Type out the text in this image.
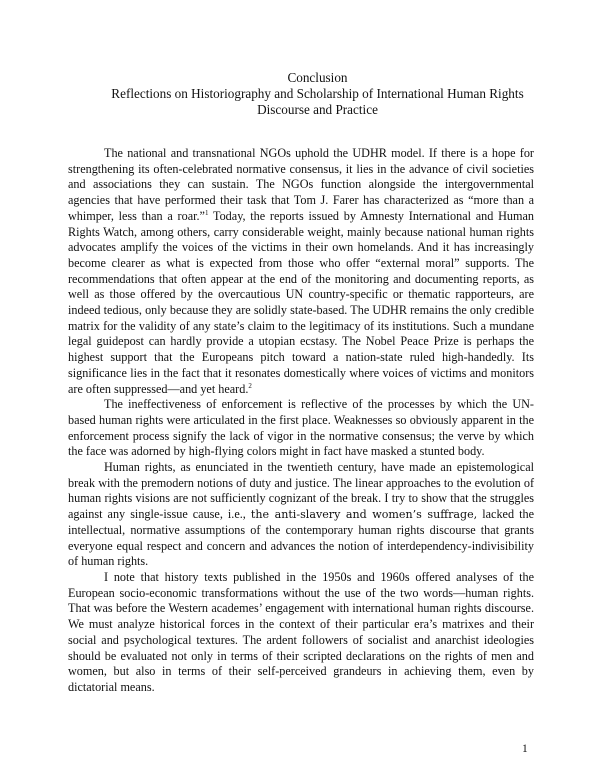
Conclusion
Reflections on Historiography and Scholarship of International Human Rights
Discourse and Practice

The national and transnational NGOs uphold the UDHR model. If there is a hope for strengthening its often-celebrated normative consensus, it lies in the advance of civil societies and associations they can sustain. The NGOs function alongside the intergovernmental agencies that have performed their task that Tom J. Farer has characterized as “more than a whimper, less than a roar.”$^1$ Today, the reports issued by Amnesty International and Human Rights Watch, among others, carry considerable weight, mainly because national human rights advocates amplify the voices of the victims in their own homelands. And it has increasingly become clearer as what is expected from those who offer “external moral” supports. The recommendations that often appear at the end of the monitoring and documenting reports, as well as those offered by the overcautious UN country-specific or thematic rapporteurs, are indeed tedious, only because they are solidly state-based. The UDHR remains the only credible matrix for the validity of any state’s claim to the legitimacy of its institutions. Such a mundane legal guidepost can hardly provide a utopian ecstasy. The Nobel Peace Prize is perhaps the highest support that the Europeans pitch toward a nation-state ruled high-handedly. Its significance lies in the fact that it resonates domestically where voices of victims and monitors are often suppressed—and yet heard.$^2$

The ineffectiveness of enforcement is reflective of the processes by which the UN-based human rights were articulated in the first place. Weaknesses so obviously apparent in the enforcement process signify the lack of vigor in the normative consensus; the verve by which the face was adorned by high-flying colors might in fact have masked a stunted body.

Human rights, as enunciated in the twentieth century, have made an epistemological break with the premodern notions of duty and justice. The linear approaches to the evolution of human rights visions are not sufficiently cognizant of the break. I try to show that the struggles against any single-issue cause, i.e., the anti-slavery and women’s suffrage, lacked the intellectual, normative assumptions of the contemporary human rights discourse that grants everyone equal respect and concern and advances the notion of interdependency-indivisibility of human rights.

I note that history texts published in the 1950s and 1960s offered analyses of the European socio-economic transformations without the use of the two words—human rights. That was before the Western academes’ engagement with international human rights discourse. We must analyze historical forces in the context of their particular era’s matrixes and their social and psychological textures. The ardent followers of socialist and anarchist ideologies should be evaluated not only in terms of their scripted declarations on the rights of men and women, but also in terms of their self-perceived grandeurs in achieving them, even by dictatorial means.

1
